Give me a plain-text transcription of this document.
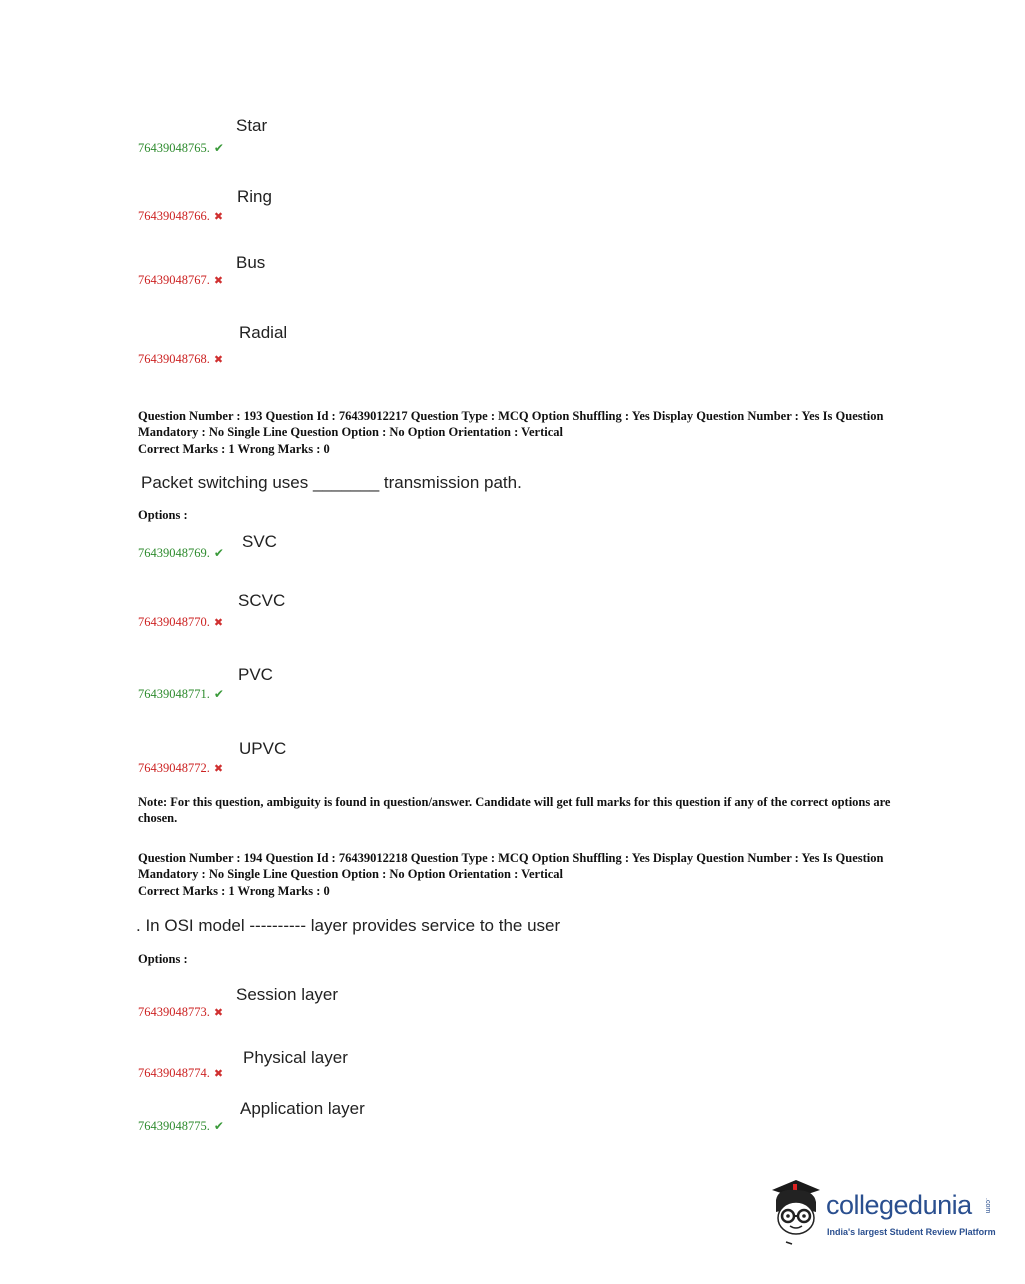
Star
76439048765. ✔
Ring
76439048766. ✖
Bus
76439048767. ✖
Radial
76439048768. ✖
Question Number : 193 Question Id : 76439012217 Question Type : MCQ Option Shuffling : Yes Display Question Number : Yes Is Question Mandatory : No Single Line Question Option : No Option Orientation : Vertical
Correct Marks : 1 Wrong Marks : 0
Packet switching uses _______ transmission path.
Options :
SVC
76439048769. ✔
SCVC
76439048770. ✖
PVC
76439048771. ✔
UPVC
76439048772. ✖
Note: For this question, ambiguity is found in question/answer. Candidate will get full marks for this question if any of the correct options are chosen.
Question Number : 194 Question Id : 76439012218 Question Type : MCQ Option Shuffling : Yes Display Question Number : Yes Is Question Mandatory : No Single Line Question Option : No Option Orientation : Vertical
Correct Marks : 1 Wrong Marks : 0
. In OSI model ---------- layer provides service to the user
Options :
Session layer
76439048773. ✖
Physical layer
76439048774. ✖
Application layer
76439048775. ✔
collegedunia .com
India's largest Student Review Platform
